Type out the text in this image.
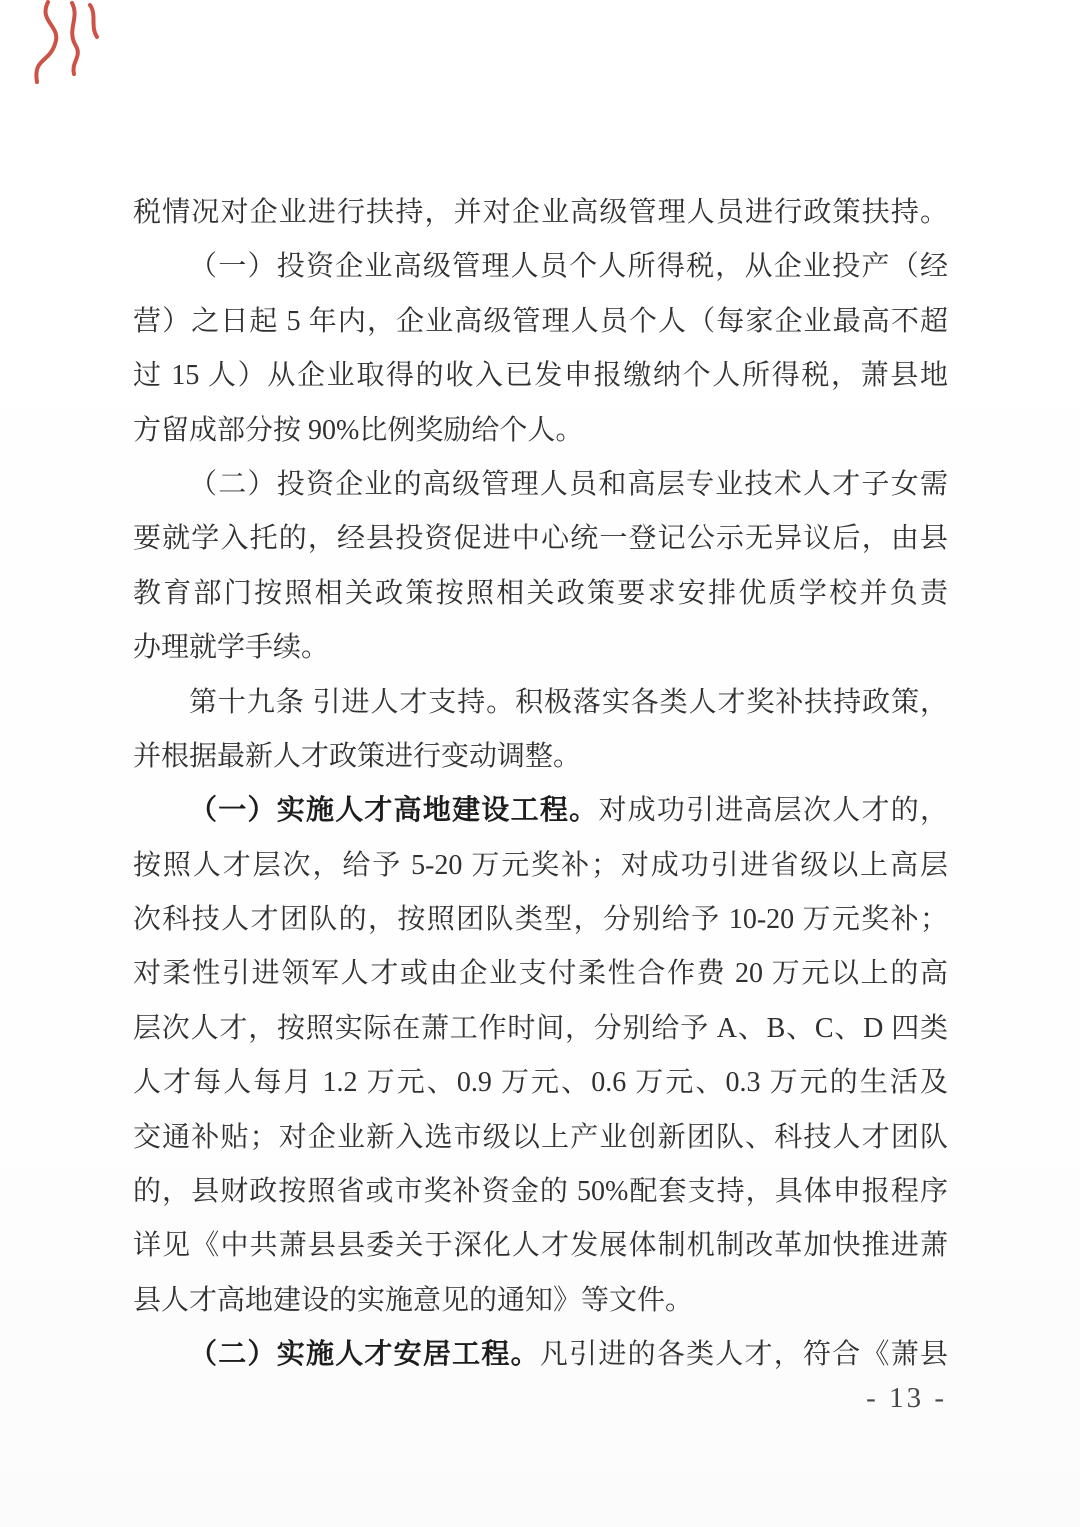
税情况对企业进行扶持，并对企业高级管理人员进行政策扶持。
（一）投资企业高级管理人员个人所得税，从企业投产（经
营）之日起 5 年内，企业高级管理人员个人（每家企业最高不超
过 15 人）从企业取得的收入已发申报缴纳个人所得税，萧县地
方留成部分按 90%比例奖励给个人。
（二）投资企业的高级管理人员和高层专业技术人才子女需
要就学入托的，经县投资促进中心统一登记公示无异议后，由县
教育部门按照相关政策按照相关政策要求安排优质学校并负责
办理就学手续。
第十九条 引进人才支持。积极落实各类人才奖补扶持政策，
并根据最新人才政策进行变动调整。
（一）实施人才高地建设工程。对成功引进高层次人才的，
按照人才层次，给予 5-20 万元奖补；对成功引进省级以上高层
次科技人才团队的，按照团队类型，分别给予 10-20 万元奖补；
对柔性引进领军人才或由企业支付柔性合作费 20 万元以上的高
层次人才，按照实际在萧工作时间，分别给予 A、B、C、D 四类
人才每人每月 1.2 万元、0.9 万元、0.6 万元、0.3 万元的生活及
交通补贴；对企业新入选市级以上产业创新团队、科技人才团队
的，县财政按照省或市奖补资金的 50%配套支持，具体申报程序
详见《中共萧县县委关于深化人才发展体制机制改革加快推进萧
县人才高地建设的实施意见的通知》等文件。
（二）实施人才安居工程。凡引进的各类人才，符合《萧县
- 13 -
